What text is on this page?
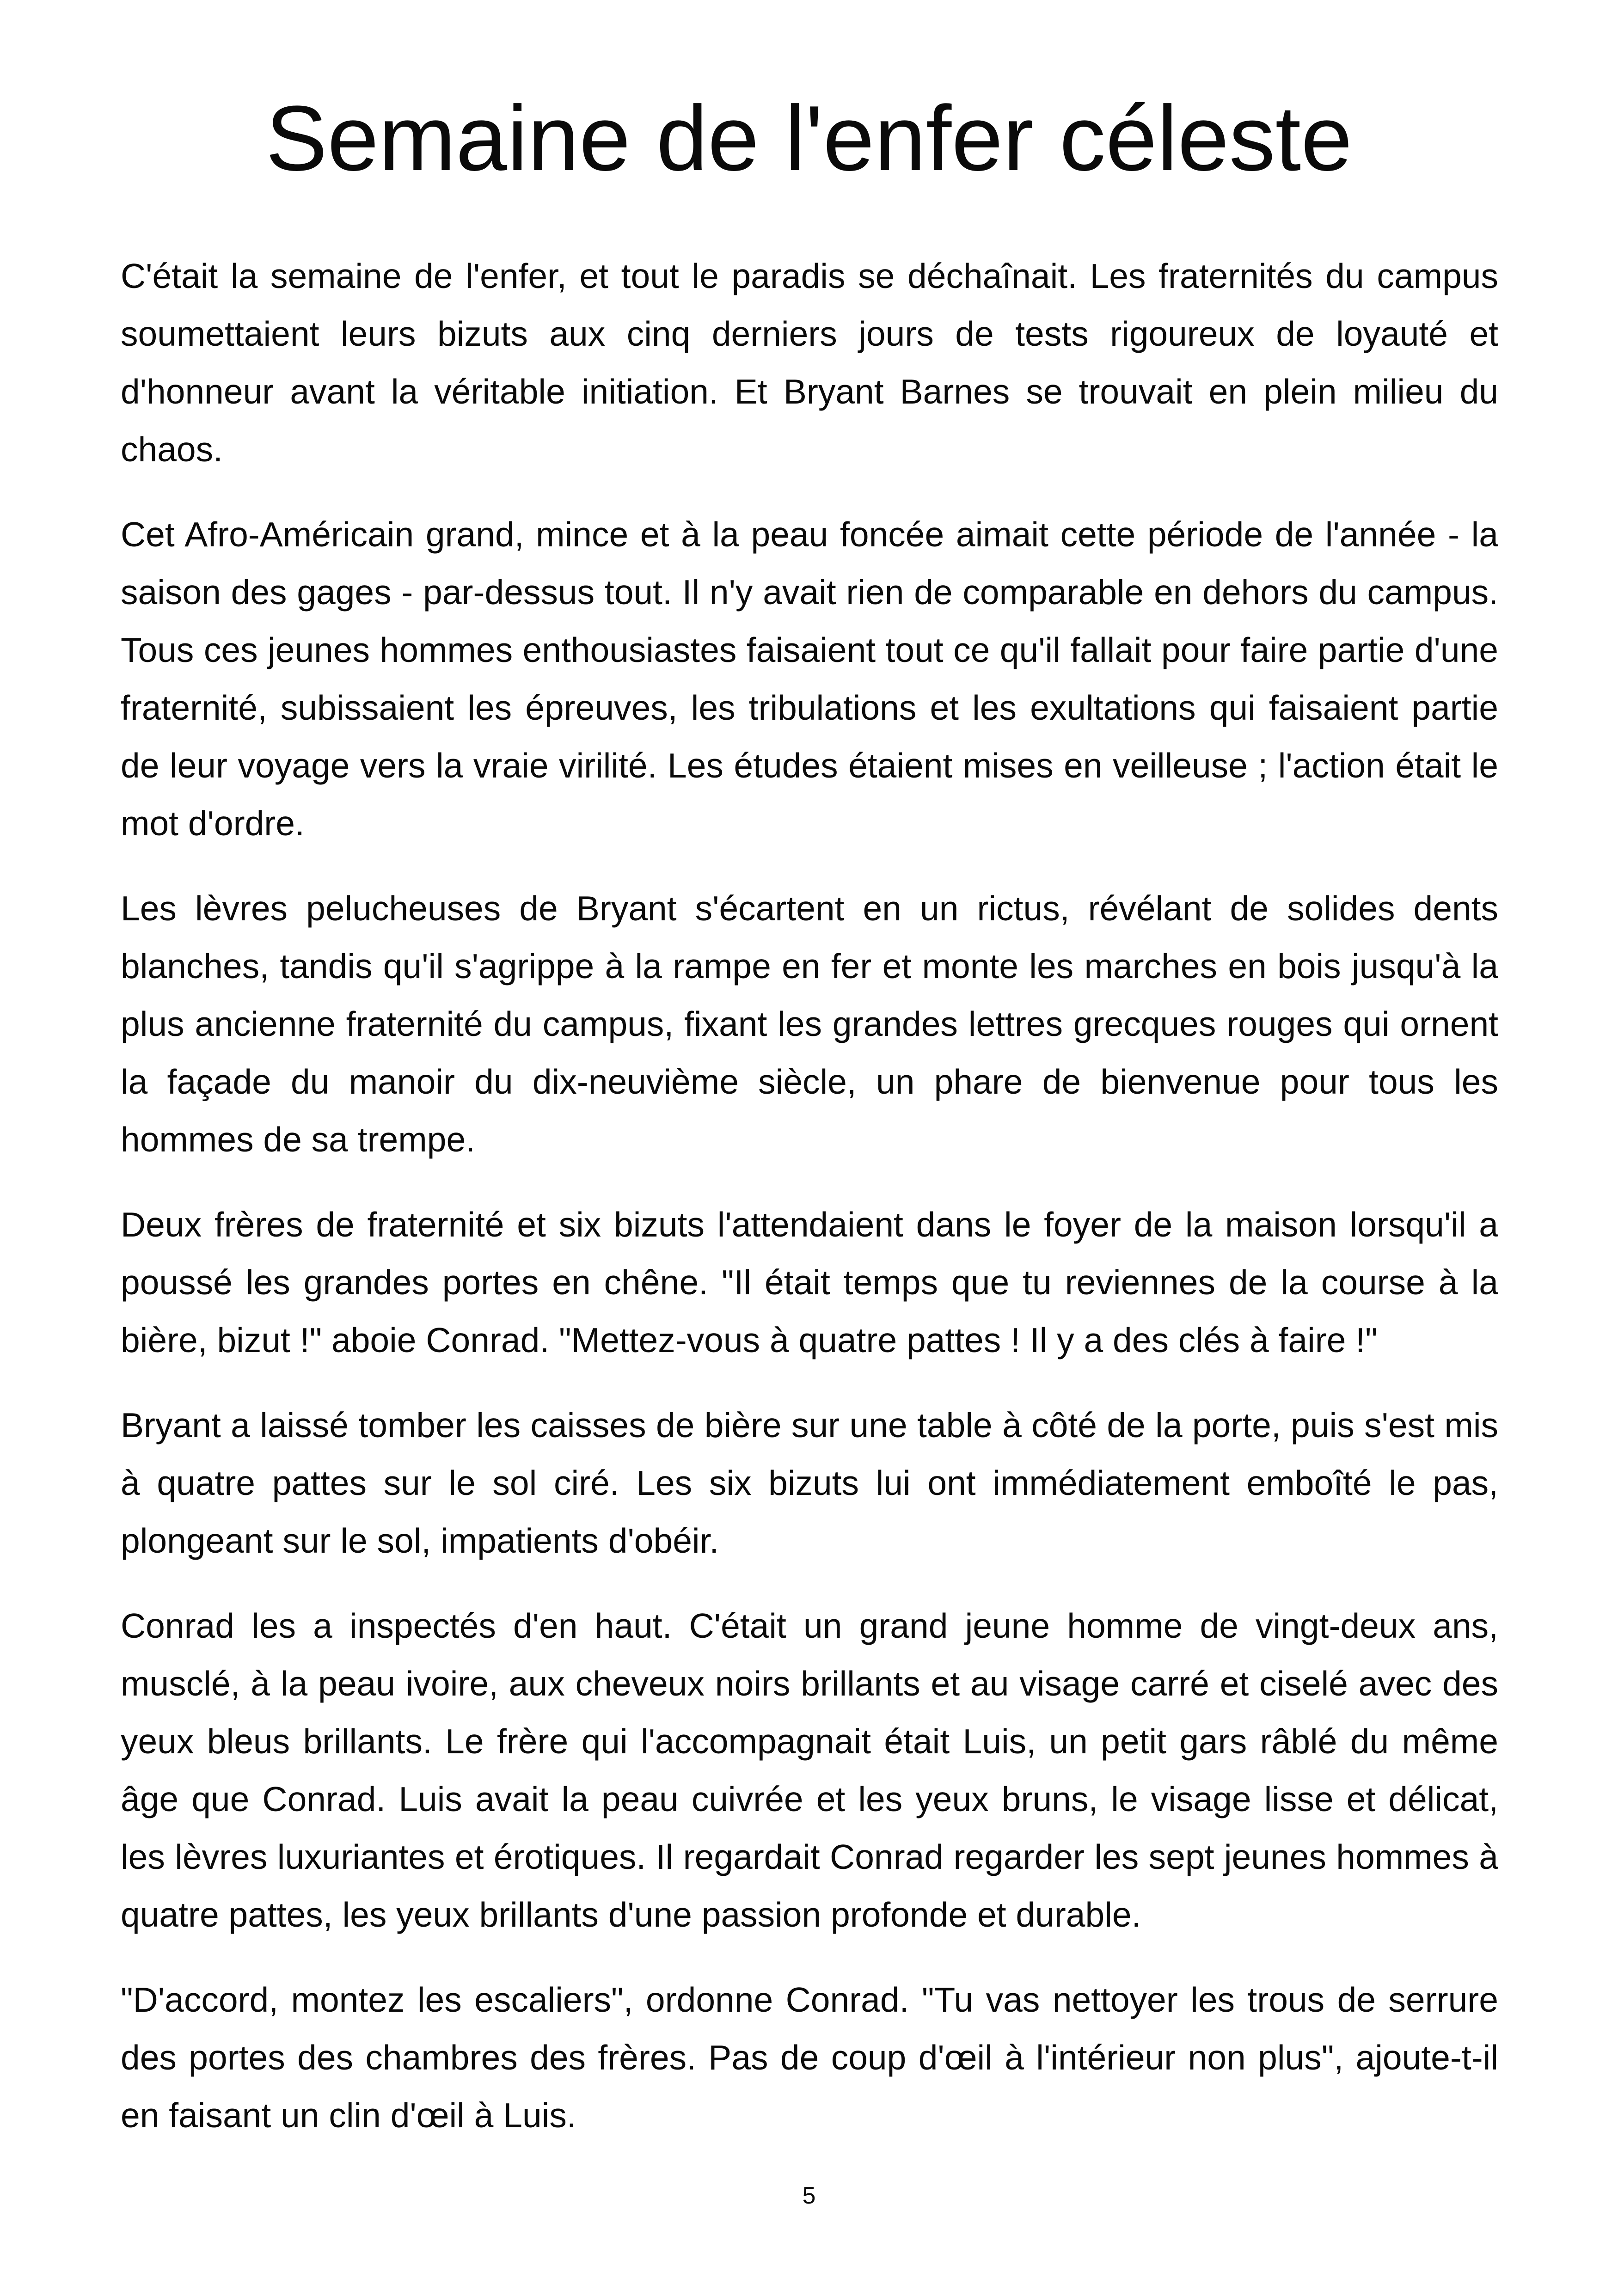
Semaine de l'enfer céleste

C'était la semaine de l'enfer, et tout le paradis se déchaînait. Les fraternités du campus soumettaient leurs bizuts aux cinq derniers jours de tests rigoureux de loyauté et d'honneur avant la véritable initiation. Et Bryant Barnes se trouvait en plein milieu du chaos.

Cet Afro-Américain grand, mince et à la peau foncée aimait cette période de l'année - la saison des gages - par-dessus tout. Il n'y avait rien de comparable en dehors du campus. Tous ces jeunes hommes enthousiastes faisaient tout ce qu'il fallait pour faire partie d'une fraternité, subissaient les épreuves, les tribulations et les exultations qui faisaient partie de leur voyage vers la vraie virilité. Les études étaient mises en veilleuse ; l'action était le mot d'ordre.

Les lèvres pelucheuses de Bryant s'écartent en un rictus, révélant de solides dents blanches, tandis qu'il s'agrippe à la rampe en fer et monte les marches en bois jusqu'à la plus ancienne fraternité du campus, fixant les grandes lettres grecques rouges qui ornent la façade du manoir du dix-neuvième siècle, un phare de bienvenue pour tous les hommes de sa trempe.

Deux frères de fraternité et six bizuts l'attendaient dans le foyer de la maison lorsqu'il a poussé les grandes portes en chêne. "Il était temps que tu reviennes de la course à la bière, bizut !" aboie Conrad. "Mettez-vous à quatre pattes ! Il y a des clés à faire !"

Bryant a laissé tomber les caisses de bière sur une table à côté de la porte, puis s'est mis à quatre pattes sur le sol ciré. Les six bizuts lui ont immédiatement emboîté le pas, plongeant sur le sol, impatients d'obéir.

Conrad les a inspectés d'en haut. C'était un grand jeune homme de vingt-deux ans, musclé, à la peau ivoire, aux cheveux noirs brillants et au visage carré et ciselé avec des yeux bleus brillants. Le frère qui l'accompagnait était Luis, un petit gars râblé du même âge que Conrad. Luis avait la peau cuivrée et les yeux bruns, le visage lisse et délicat, les lèvres luxuriantes et érotiques. Il regardait Conrad regarder les sept jeunes hommes à quatre pattes, les yeux brillants d'une passion profonde et durable.

"D'accord, montez les escaliers", ordonne Conrad. "Tu vas nettoyer les trous de serrure des portes des chambres des frères. Pas de coup d'œil à l'intérieur non plus", ajoute-t-il en faisant un clin d'œil à Luis.

5
